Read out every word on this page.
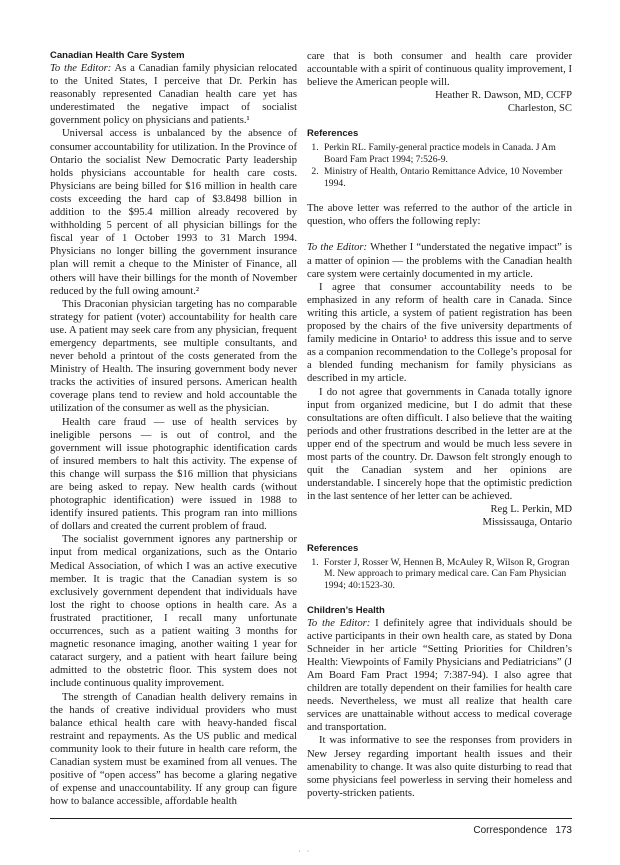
Canadian Health Care System

To the Editor: As a Canadian family physician relocated to the United States, I perceive that Dr. Perkin has reasonably represented Canadian health care yet has underestimated the negative impact of socialist government policy on physicians and patients.¹

Universal access is unbalanced by the absence of consumer accountability for utilization. In the Province of Ontario the socialist New Democratic Party leadership holds physicians accountable for health care costs. Physicians are being billed for $16 million in health care costs exceeding the hard cap of $3.8498 billion in addition to the $95.4 million already recovered by withholding 5 percent of all physician billings for the fiscal year of 1 October 1993 to 31 March 1994. Physicians no longer billing the government insurance plan will remit a cheque to the Minister of Finance, all others will have their billings for the month of November reduced by the full owing amount.²

This Draconian physician targeting has no comparable strategy for patient (voter) accountability for health care use. A patient may seek care from any physician, frequent emergency departments, see multiple consultants, and never behold a printout of the costs generated from the Ministry of Health. The insuring government body never tracks the activities of insured persons. American health coverage plans tend to review and hold accountable the utilization of the consumer as well as the physician.

Health care fraud — use of health services by ineligible persons — is out of control, and the government will issue photographic identification cards of insured members to halt this activity. The expense of this change will surpass the $16 million that physicians are being asked to repay. New health cards (without photographic identification) were issued in 1988 to identify insured patients. This program ran into millions of dollars and created the current problem of fraud.

The socialist government ignores any partnership or input from medical organizations, such as the Ontario Medical Association, of which I was an active executive member. It is tragic that the Canadian system is so exclusively government dependent that individuals have lost the right to choose options in health care. As a frustrated practitioner, I recall many unfortunate occurrences, such as a patient waiting 3 months for magnetic resonance imaging, another waiting 1 year for cataract surgery, and a patient with heart failure being admitted to the obstetric floor. This system does not include continuous quality improvement.

The strength of Canadian health delivery remains in the hands of creative individual providers who must balance ethical health care with heavy-handed fiscal restraint and repayments. As the US public and medical community look to their future in health care reform, the Canadian system must be examined from all venues. The positive of “open access” has become a glaring negative of expense and unaccountability. If any group can figure how to balance accessible, affordable health

care that is both consumer and health care provider accountable with a spirit of continuous quality improvement, I believe the American people will.

Heather R. Dawson, MD, CCFP

Charleston, SC

References

1. Perkin RL. Family-general practice models in Canada. J Am Board Fam Pract 1994; 7:526-9.
2. Ministry of Health, Ontario Remittance Advice, 10 November 1994.

The above letter was referred to the author of the article in question, who offers the following reply:

To the Editor: Whether I “understated the negative impact” is a matter of opinion — the problems with the Canadian health care system were certainly documented in my article.

I agree that consumer accountability needs to be emphasized in any reform of health care in Canada. Since writing this article, a system of patient registration has been proposed by the chairs of the five university departments of family medicine in Ontario¹ to address this issue and to serve as a companion recommendation to the College’s proposal for a blended funding mechanism for family physicians as described in my article.

I do not agree that governments in Canada totally ignore input from organized medicine, but I do admit that these consultations are often difficult. I also believe that the waiting periods and other frustrations described in the letter are at the upper end of the spectrum and would be much less severe in most parts of the country. Dr. Dawson felt strongly enough to quit the Canadian system and her opinions are understandable. I sincerely hope that the optimistic prediction in the last sentence of her letter can be achieved.

Reg L. Perkin, MD

Mississauga, Ontario

References

1. Forster J, Rosser W, Hennen B, McAuley R, Wilson R, Grogran M. New approach to primary medical care. Can Fam Physician 1994; 40:1523-30.

Children’s Health

To the Editor: I definitely agree that individuals should be active participants in their own health care, as stated by Dona Schneider in her article “Setting Priorities for Children’s Health: Viewpoints of Family Physicians and Pediatricians” (J Am Board Fam Pract 1994; 7:387-94). I also agree that children are totally dependent on their families for health care needs. Nevertheless, we must all realize that health care services are unattainable without access to medical coverage and transportation.

It was informative to see the responses from providers in New Jersey regarding important health issues and their amenability to change. It was also quite disturbing to read that some physicians feel powerless in serving their homeless and poverty-stricken patients.

Correspondence 173
· ·
